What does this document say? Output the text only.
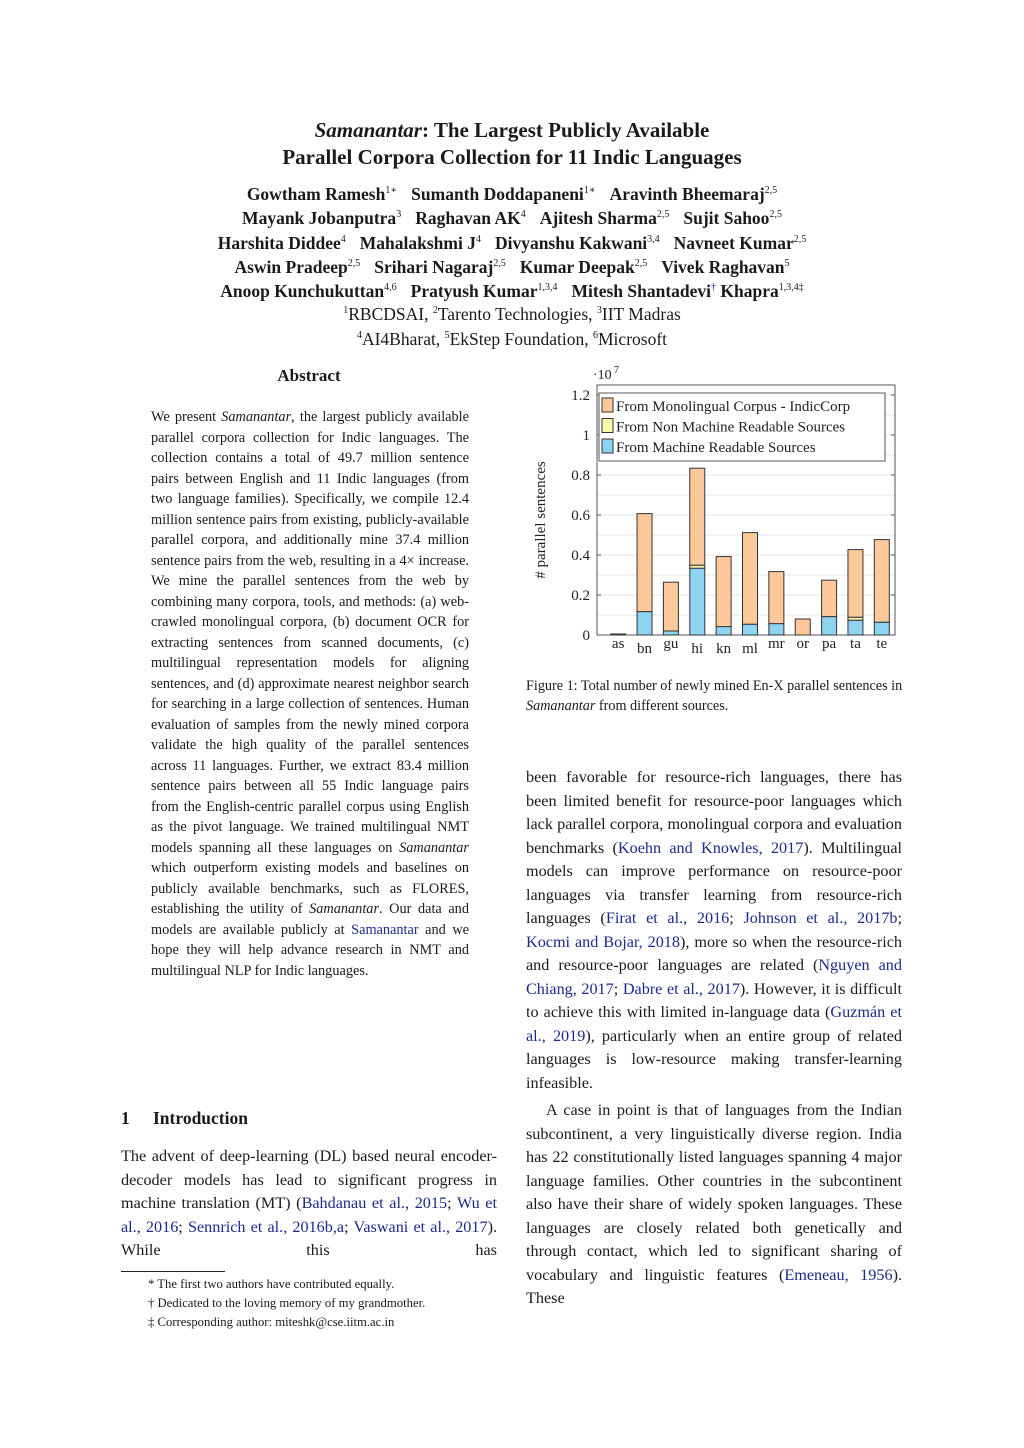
Samanantar: The Largest Publicly Available
Parallel Corpora Collection for 11 Indic Languages
Gowtham Ramesh$^{1∗}$ Sumanth Doddapaneni$^{1∗}$ Aravinth Bheemaraj$^{2,5}$
Mayank Jobanputra$^3$ Raghavan $AK^4$ Ajitesh Sharma$^{2,5}$ Sujit Sahoo$^{2,5}$
Harshita Diddee$^4$ Mahalakshmi $J^4$ Divyanshu Kakwani$^{3,4}$ Navneet Kumar$^{2,5}$
Aswin Pradeep$^{2,5}$ Srihari Nagaraj$^{2,5}$ Kumar Deepak$^{2,5}$ Vivek Raghavan$^5$
Anoop Kunchukuttan$^{4,6}$ Pratyush Kumar$^{1,3,4}$ Mitesh Shantadevi† Khapra$^{1,3,4\ddagger}$
$^1$RBCDSAI, $^2$Tarento Technologies, $^3$IIT Madras
$^4$AI4Bharat, $^5$EkStep Foundation, $^6$Microsoft
Abstract

We present Samanantar, the largest publicly available parallel corpora collection for Indic languages. The collection contains a total of 49.7 million sentence pairs between English and 11 Indic languages (from two language families). Specifically, we compile 12.4 million sentence pairs from existing, publicly-available parallel corpora, and additionally mine 37.4 million sentence pairs from the web, resulting in a 4× increase. We mine the parallel sentences from the web by combining many corpora, tools, and methods: (a) web-crawled monolingual corpora, (b) document OCR for extracting sentences from scanned documents, (c) multilingual representation models for aligning sentences, and (d) approximate nearest neighbor search for searching in a large collection of sentences. Human evaluation of samples from the newly mined corpora validate the high quality of the parallel sentences across 11 languages. Further, we extract 83.4 million sentence pairs between all 55 Indic language pairs from the English-centric parallel corpus using English as the pivot language. We trained multilingual NMT models spanning all these languages on Samanantar which outperform existing models and baselines on publicly available benchmarks, such as FLORES, establishing the utility of Samanantar. Our data and models are available publicly at Samanantar and we hope they will help advance research in NMT and multilingual NLP for Indic languages.

1 Introduction

The advent of deep-learning (DL) based neural encoder-decoder models has lead to significant progress in machine translation (MT) (Bahdanau et al., 2015; Wu et al., 2016; Sennrich et al., 2016b,a; Vaswani et al., 2017). While this has

* The first two authors have contributed equally.
† Dedicated to the loving memory of my grandmother.
‡ Corresponding author: miteshk@cse.iitm.ac.in
0
0.2
0.4
0.6
0.8
1
1.2
·10 7
# parallel sentences
as bn gu hi kn ml mr or pa ta te
From Monolingual Corpus - IndicCorp
From Non Machine Readable Sources
From Machine Readable Sources
Figure 1: Total number of newly mined En-X parallel sentences in Samanantar from different sources.

been favorable for resource-rich languages, there has been limited benefit for resource-poor languages which lack parallel corpora, monolingual corpora and evaluation benchmarks (Koehn and Knowles, 2017). Multilingual models can improve performance on resource-poor languages via transfer learning from resource-rich languages (Firat et al., 2016; Johnson et al., 2017b; Kocmi and Bojar, 2018), more so when the resource-rich and resource-poor languages are related (Nguyen and Chiang, 2017; Dabre et al., 2017). However, it is difficult to achieve this with limited in-language data (Guzmán et al., 2019), particularly when an entire group of related languages is low-resource making transfer-learning infeasible.

A case in point is that of languages from the Indian subcontinent, a very linguistically diverse region. India has 22 constitutionally listed languages spanning 4 major language families. Other countries in the subcontinent also have their share of widely spoken languages. These languages are closely related both genetically and through contact, which led to significant sharing of vocabulary and linguistic features (Emeneau, 1956). These
